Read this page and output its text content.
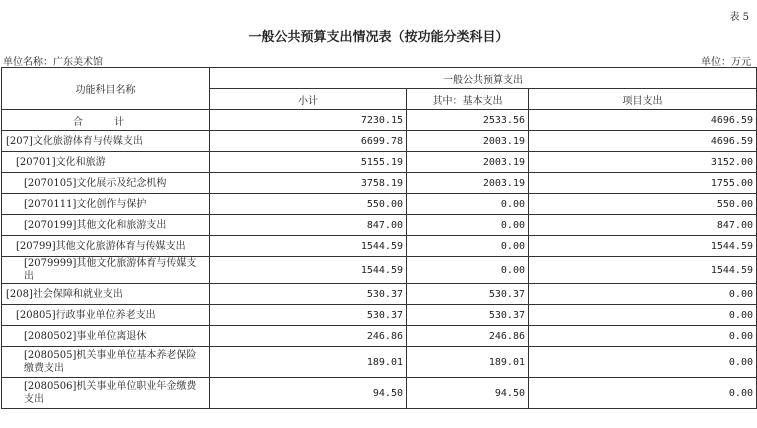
表 5
一般公共预算支出情况表（按功能分类科目）
单位名称：广东美术馆	单位：万元
功能科目名称	一般公共预算支出		
	小计	其中：基本支出	项目支出
合 计	7230.15	2533.56	4696.59
[207]文化旅游体育与传媒支出	6699.78	2003.19	4696.59
[20701]文化和旅游	5155.19	2003.19	3152.00
[2070105]文化展示及纪念机构	3758.19	2003.19	1755.00
[2070111]文化创作与保护	550.00	0.00	550.00
[2070199]其他文化和旅游支出	847.00	0.00	847.00
[20799]其他文化旅游体育与传媒支出	1544.59	0.00	1544.59
[2079999]其他文化旅游体育与传媒支出	1544.59	0.00	1544.59
[208]社会保障和就业支出	530.37	530.37	0.00
[20805]行政事业单位养老支出	530.37	530.37	0.00
[2080502]事业单位离退休	246.86	246.86	0.00
[2080505]机关事业单位基本养老保险缴费支出	189.01	189.01	0.00
[2080506]机关事业单位职业年金缴费支出	94.50	94.50	0.00
